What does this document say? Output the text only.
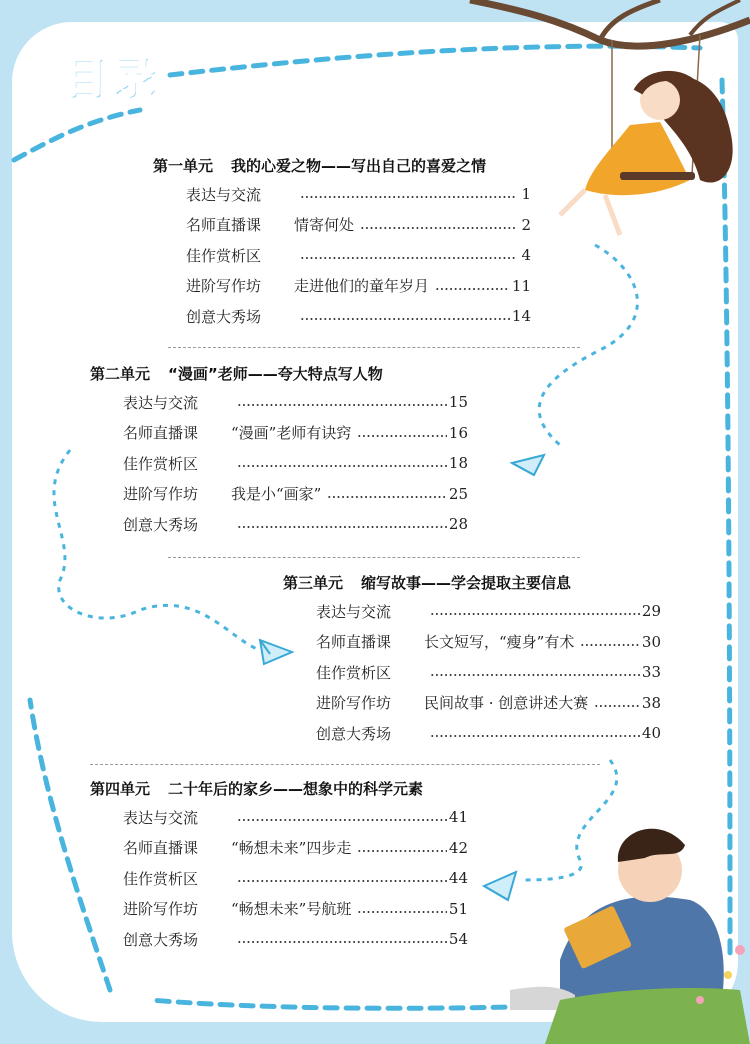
目录
第一单元 我的心爱之物——写出自己的喜爱之情
表达与交流	1
名师直播课	情寄何处	2
佳作赏析区	4
进阶写作坊	走进他们的童年岁月	11
创意大秀场	14
第二单元 “漫画”老师——夸大特点写人物
表达与交流	15
名师直播课	“漫画”老师有诀窍	16
佳作赏析区	18
进阶写作坊	我是小“画家”	25
创意大秀场	28
第三单元 缩写故事——学会提取主要信息
表达与交流	29
名师直播课	长文短写，“瘦身”有术	30
佳作赏析区	33
进阶写作坊	民间故事 · 创意讲述大赛	38
创意大秀场	40
第四单元 二十年后的家乡——想象中的科学元素
表达与交流	41
名师直播课	“畅想未来”四步走	42
佳作赏析区	44
进阶写作坊	“畅想未来”号航班	51
创意大秀场	54
